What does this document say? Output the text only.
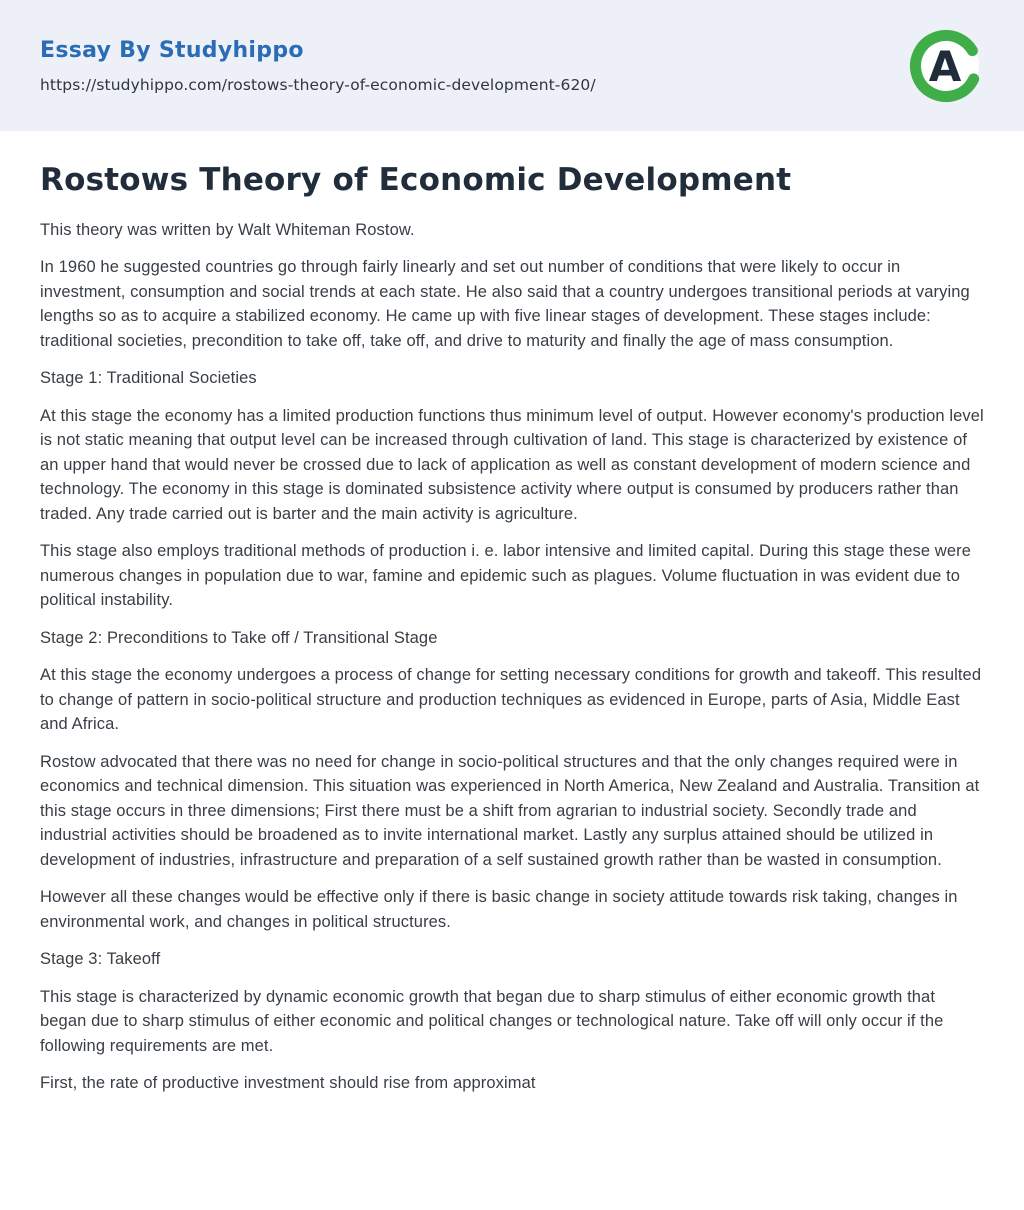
Essay By Studyhippo
https://studyhippo.com/rostows-theory-of-economic-development-620/	A
Rostows Theory of Economic Development

This theory was written by Walt Whiteman Rostow.

In 1960 he suggested countries go through fairly linearly and set out number of conditions that were likely to occur in investment, consumption and social trends at each state. He also said that a country undergoes transitional periods at varying lengths so as to acquire a stabilized economy. He came up with five linear stages of development. These stages include: traditional societies, precondition to take off, take off, and drive to maturity and finally the age of mass consumption.

Stage 1: Traditional Societies

At this stage the economy has a limited production functions thus minimum level of output. However economy's production level is not static meaning that output level can be increased through cultivation of land. This stage is characterized by existence of an upper hand that would never be crossed due to lack of application as well as constant development of modern science and technology. The economy in this stage is dominated subsistence activity where output is consumed by producers rather than traded. Any trade carried out is barter and the main activity is agriculture.

This stage also employs traditional methods of production i. e. labor intensive and limited capital. During this stage these were numerous changes in population due to war, famine and epidemic such as plagues. Volume fluctuation in was evident due to political instability.

Stage 2: Preconditions to Take off / Transitional Stage

At this stage the economy undergoes a process of change for setting necessary conditions for growth and takeoff. This resulted to change of pattern in socio-political structure and production techniques as evidenced in Europe, parts of Asia, Middle East and Africa.

Rostow advocated that there was no need for change in socio-political structures and that the only changes required were in economics and technical dimension. This situation was experienced in North America, New Zealand and Australia. Transition at this stage occurs in three dimensions; First there must be a shift from agrarian to industrial society. Secondly trade and industrial activities should be broadened as to invite international market. Lastly any surplus attained should be utilized in development of industries, infrastructure and preparation of a self sustained growth rather than be wasted in consumption.

However all these changes would be effective only if there is basic change in society attitude towards risk taking, changes in environmental work, and changes in political structures.

Stage 3: Takeoff

This stage is characterized by dynamic economic growth that began due to sharp stimulus of either economic growth that began due to sharp stimulus of either economic and political changes or technological nature. Take off will only occur if the following requirements are met.

First, the rate of productive investment should rise from approximat
